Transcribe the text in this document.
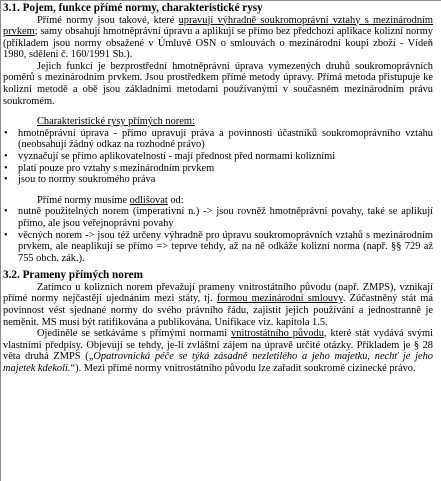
3.1. Pojem, funkce přímé normy, charakteristické rysy

Přímé normy jsou takové, které upravují výhradně soukromoprávní vztahy s mezinárodním prvkem; samy obsahují hmotněprávní úpravu a aplikují se přímo bez předchozí aplikace kolizní normy (příkladem jsou normy obsažené v Úmluvě OSN o smlouvách o mezinárodní koupi zboží - Vídeň 1980, sdělení č. 160/1991 Sb.).

Jejich funkcí je bezprostřední hmotněprávní úprava vymezených druhů soukromoprávních poměrů s mezinárodním prvkem. Jsou prostředkem přímé metody úpravy. Přímá metoda přistupuje ke kolizní metodě a obě jsou základními metodami používanými v současném mezinárodním právu soukromém.

Charakteristické rysy přímých norem:

• hmotněprávní úprava - přímo upravují práva a povinnosti účastníků soukromoprávního vztahu (neobsahují žádný odkaz na rozhodné právo)
• vyznačují se přímo aplikovatelností - mají přednost před normami kolizními
• platí pouze pro vztahy s mezinárodním prvkem
• jsou to normy soukromého práva

Přímé normy musíme odlišovat od:

• nutně použitelných norem (imperativní n.) -> jsou rovněž hmotněprávní povahy, také se aplikují přímo, ale jsou veřejnoprávní povahy
• věcných norem -> jsou též určeny výhradně pro úpravu soukromoprávních vztahů s mezinárodním prvkem, ale neaplikují se přímo => teprve tehdy, až na ně odkáže kolizní norma (např. §§ 729 až 755 obch. zák.).
3.2. Prameny přímých norem

Zatímco u kolizních norem převažují prameny vnitrostátního původu (např. ZMPS), vznikají přímé normy nejčastěji ujednáním mezi státy, tj. formou mezinárodní smlouvy. Zúčastněný stát má povinnost vést sjednané normy do svého právního řádu, zajistit jejich používání a jednostranně je neměnit. MS musí být ratifikována a publikována. Unifikace viz. kapitola 1.5.

Ojediněle se setkáváme s přímými normami vnitrostátního původu, které stát vydává svými vlastními předpisy. Objevují se tehdy, je-li zvláštní zájem na úpravě určité otázky. Příkladem je § 28 věta druhá ZMPS („Opatrovnická péče se týká zásadně nezletilého a jeho majetku, nechť je jeho majetek kdekoli.“). Mezi přímé normy vnitrostátního původu lze zařadit soukromé cizinecké právo.
